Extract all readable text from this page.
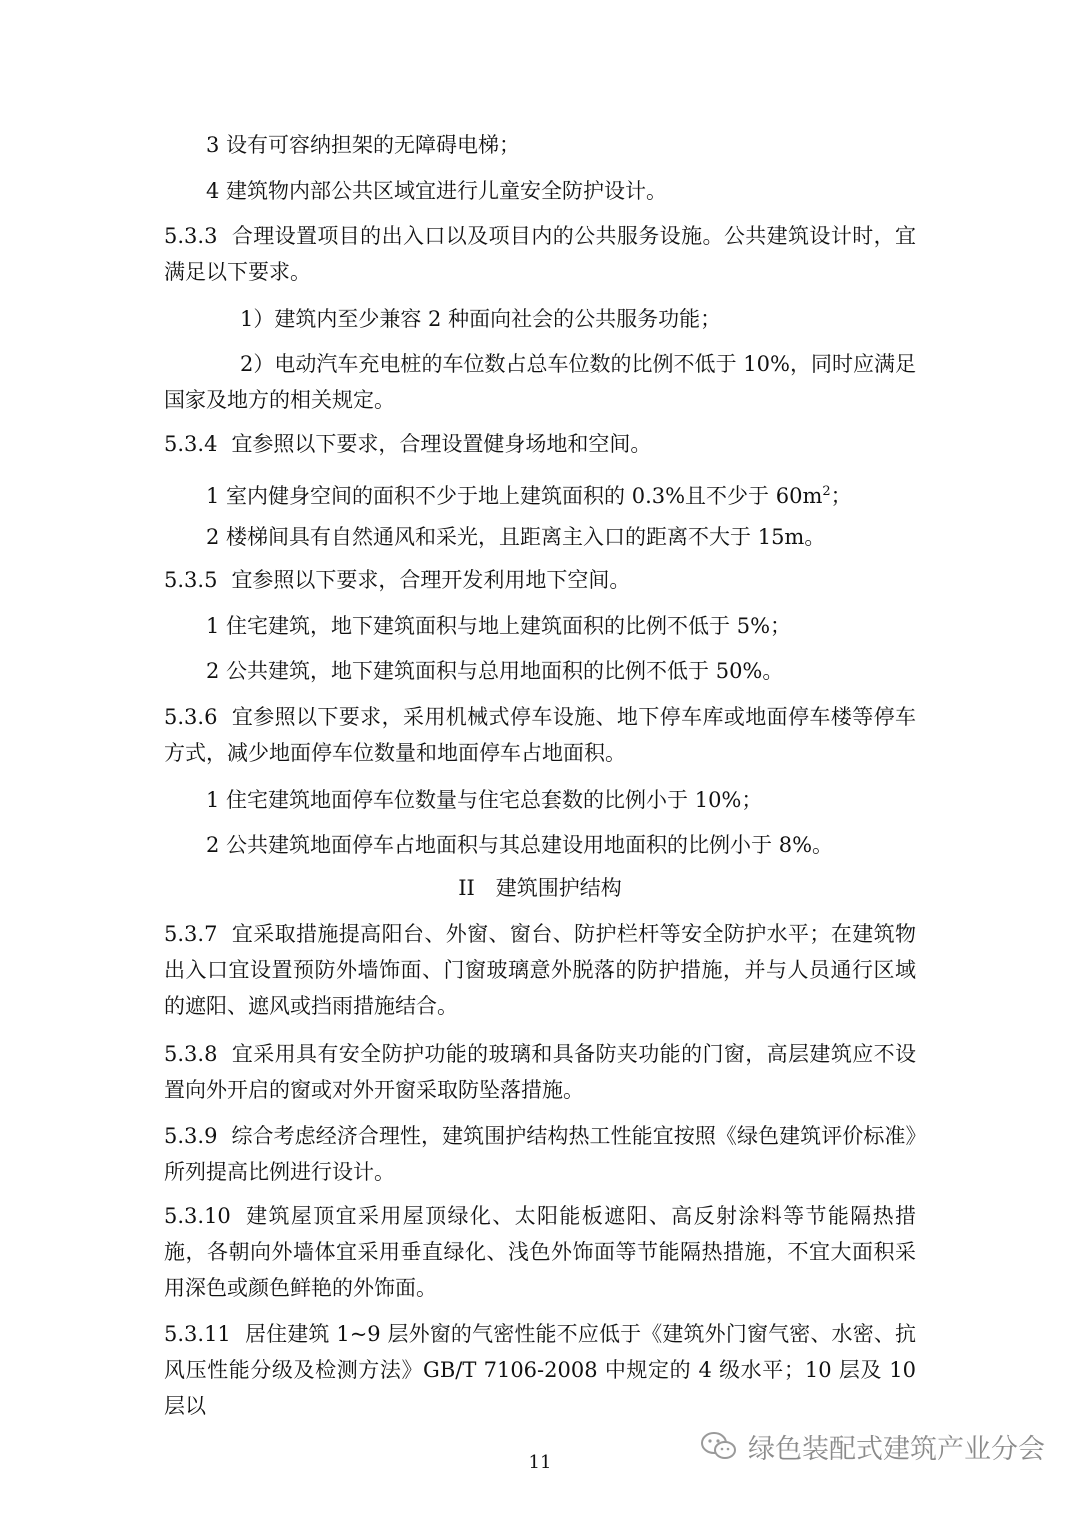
3 设有可容纳担架的无障碍电梯；
4 建筑物内部公共区域宜进行儿童安全防护设计。
5.3.3 合理设置项目的出入口以及项目内的公共服务设施。公共建筑设计时，宜满足以下要求。
1）建筑内至少兼容 2 种面向社会的公共服务功能；
2）电动汽车充电桩的车位数占总车位数的比例不低于 10%，同时应满足国家及地方的相关规定。
5.3.4 宜参照以下要求，合理设置健身场地和空间。
1 室内健身空间的面积不少于地上建筑面积的 0.3%且不少于 $60m^2$；
2 楼梯间具有自然通风和采光，且距离主入口的距离不大于 15m。
5.3.5 宜参照以下要求，合理开发利用地下空间。
1 住宅建筑，地下建筑面积与地上建筑面积的比例不低于 5%；
2 公共建筑，地下建筑面积与总用地面积的比例不低于 50%。
5.3.6 宜参照以下要求，采用机械式停车设施、地下停车库或地面停车楼等停车方式，减少地面停车位数量和地面停车占地面积。
1 住宅建筑地面停车位数量与住宅总套数的比例小于 10%；
2 公共建筑地面停车占地面积与其总建设用地面积的比例小于 8%。
II　建筑围护结构
5.3.7 宜采取措施提高阳台、外窗、窗台、防护栏杆等安全防护水平；在建筑物出入口宜设置预防外墙饰面、门窗玻璃意外脱落的防护措施，并与人员通行区域的遮阳、遮风或挡雨措施结合。
5.3.8 宜采用具有安全防护功能的玻璃和具备防夹功能的门窗，高层建筑应不设置向外开启的窗或对外开窗采取防坠落措施。
5.3.9 综合考虑经济合理性，建筑围护结构热工性能宜按照《绿色建筑评价标准》所列提高比例进行设计。
5.3.10 建筑屋顶宜采用屋顶绿化、太阳能板遮阳、高反射涂料等节能隔热措施，各朝向外墙体宜采用垂直绿化、浅色外饰面等节能隔热措施，不宜大面积采用深色或颜色鲜艳的外饰面。
5.3.11 居住建筑 1~9 层外窗的气密性能不应低于《建筑外门窗气密、水密、抗风压性能分级及检测方法》GB/T 7106-2008 中规定的 4 级水平；10 层及 10 层以
11	绿色装配式建筑产业分会
